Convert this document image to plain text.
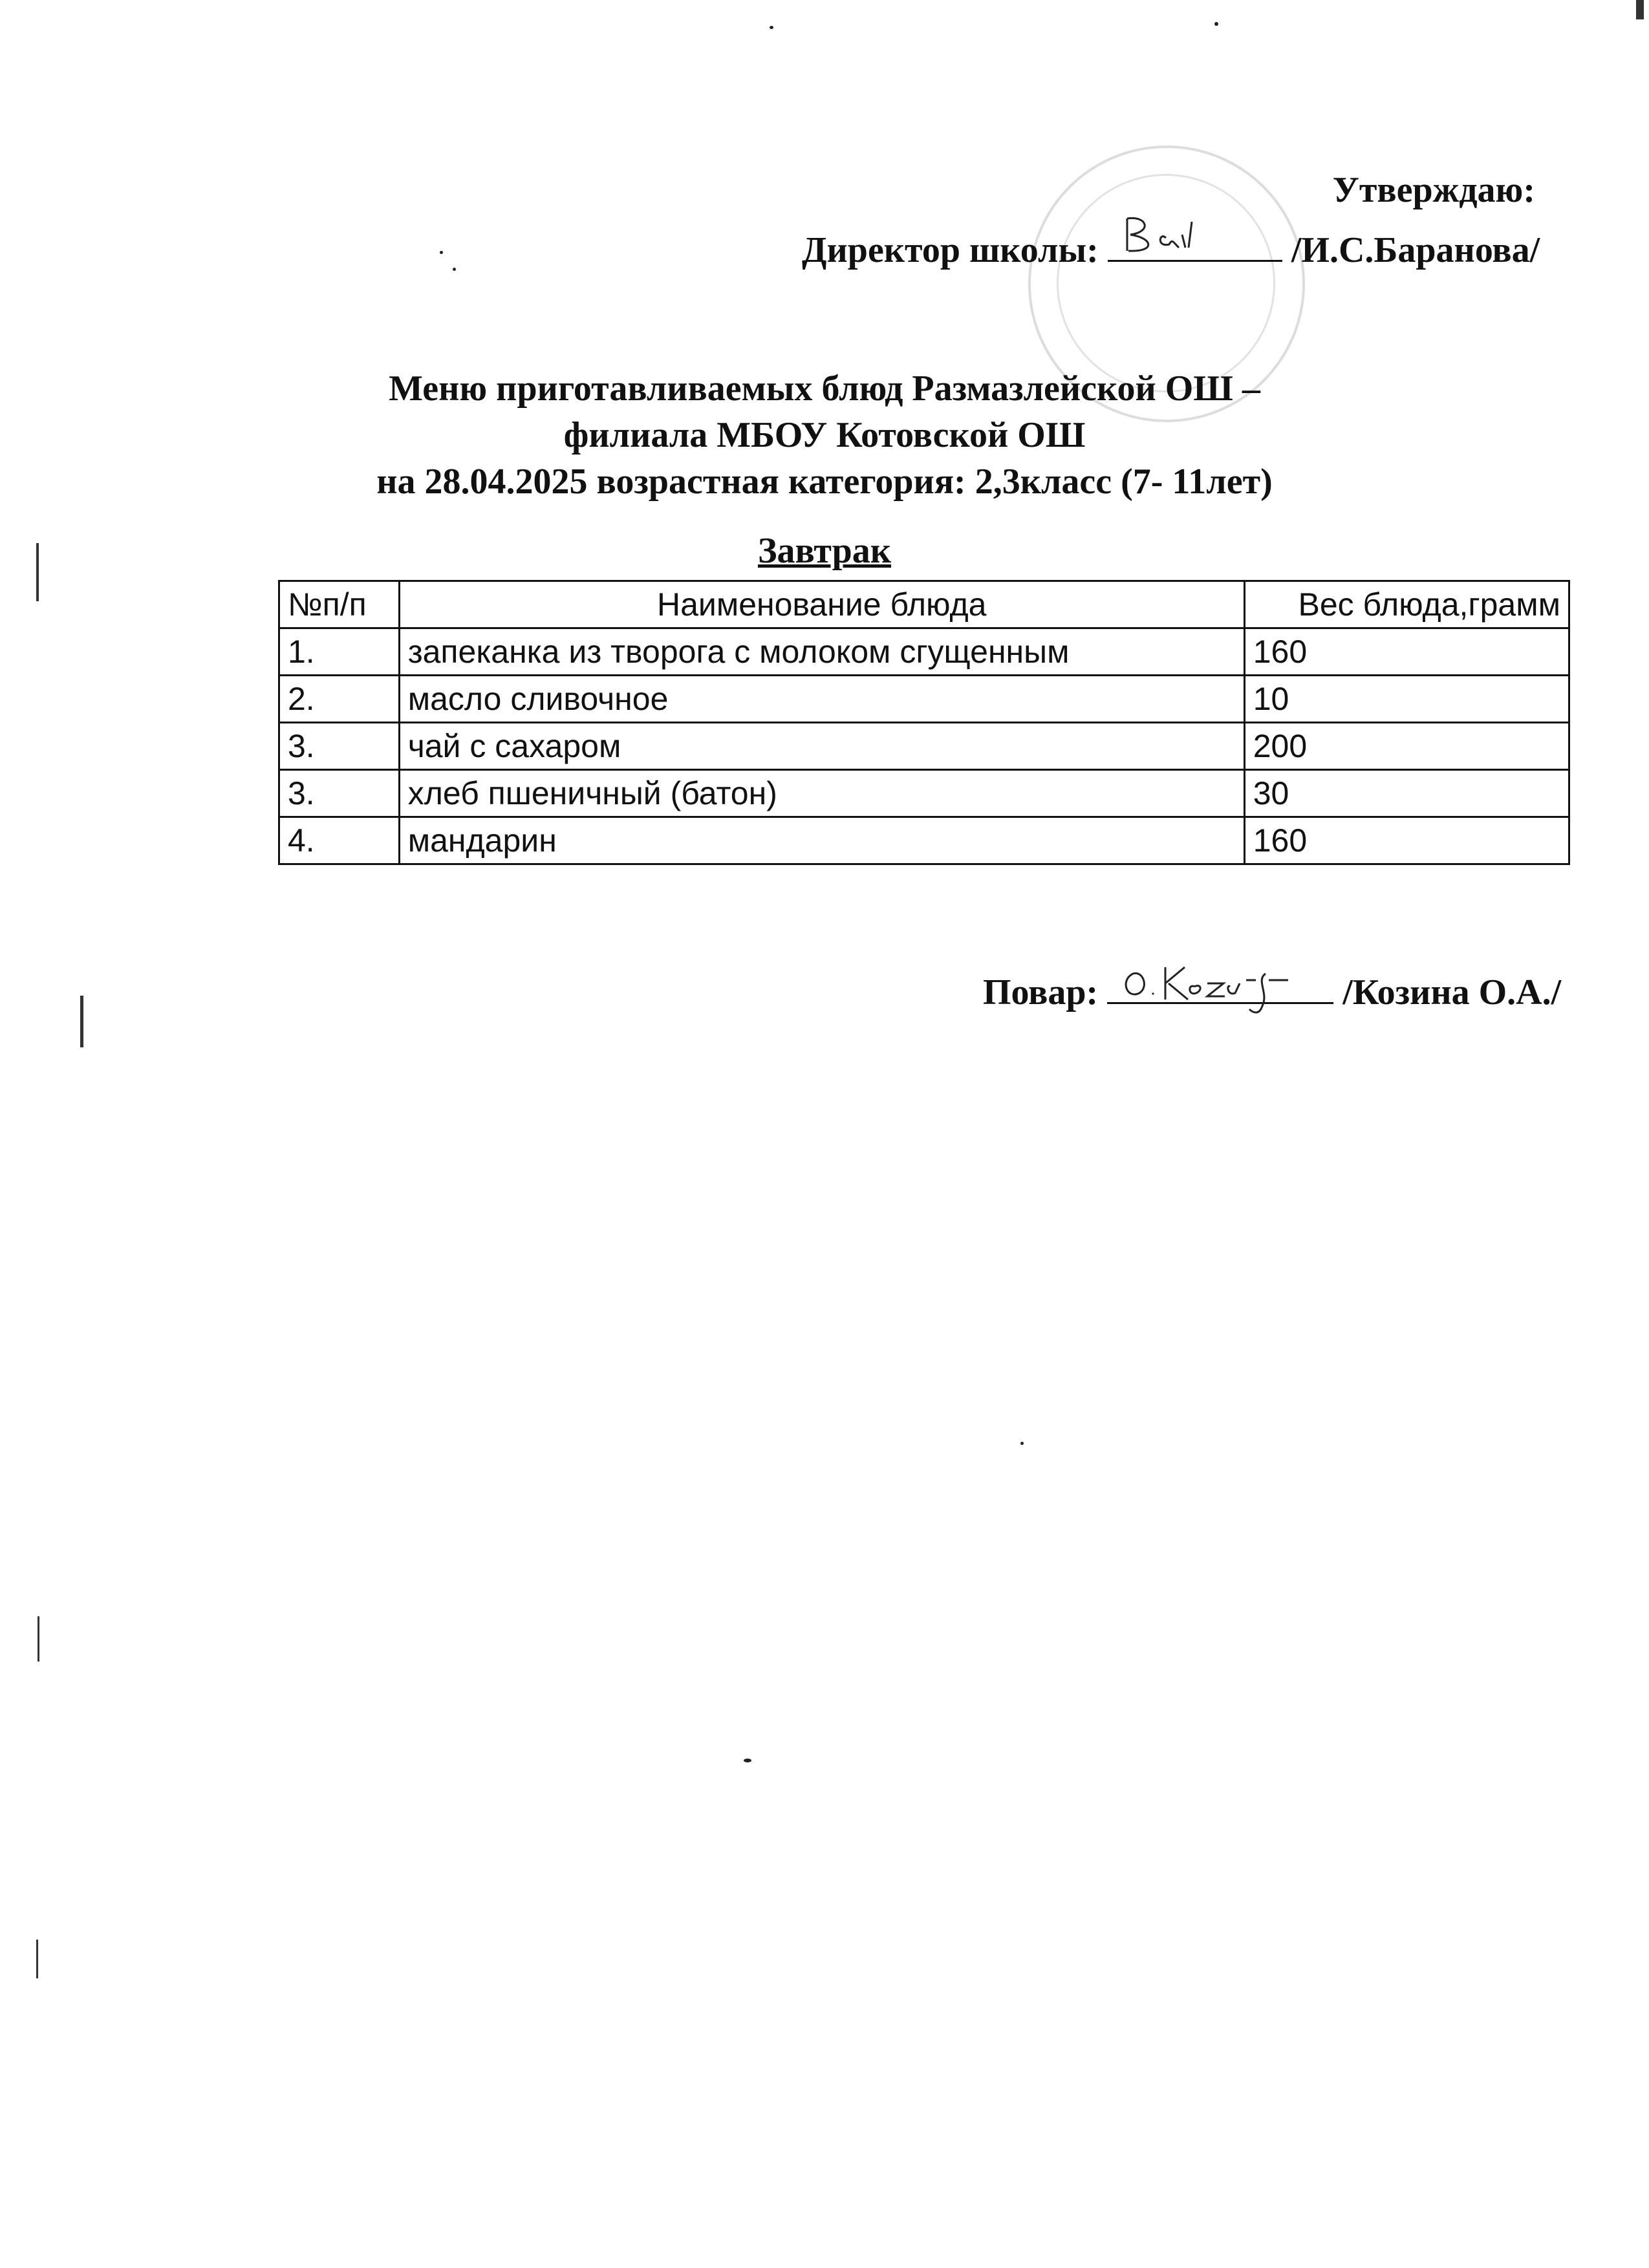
Утверждаю:
Директор школы:	/И.С.Баранова/
Меню приготавливаемых блюд Размазлейской ОШ –
филиала МБОУ Котовской ОШ
на 28.04.2025 возрастная категория: 2,3класс (7- 11лет)
Завтрак
№п/п	Наименование блюда	Вес блюда,грамм
1.	запеканка из творога с молоком сгущенным	160
2.	масло сливочное	10
3.	чай с сахаром	200
3.	хлеб пшеничный (батон)	30
4.	мандарин	160
Повар:	/Козина О.А./
